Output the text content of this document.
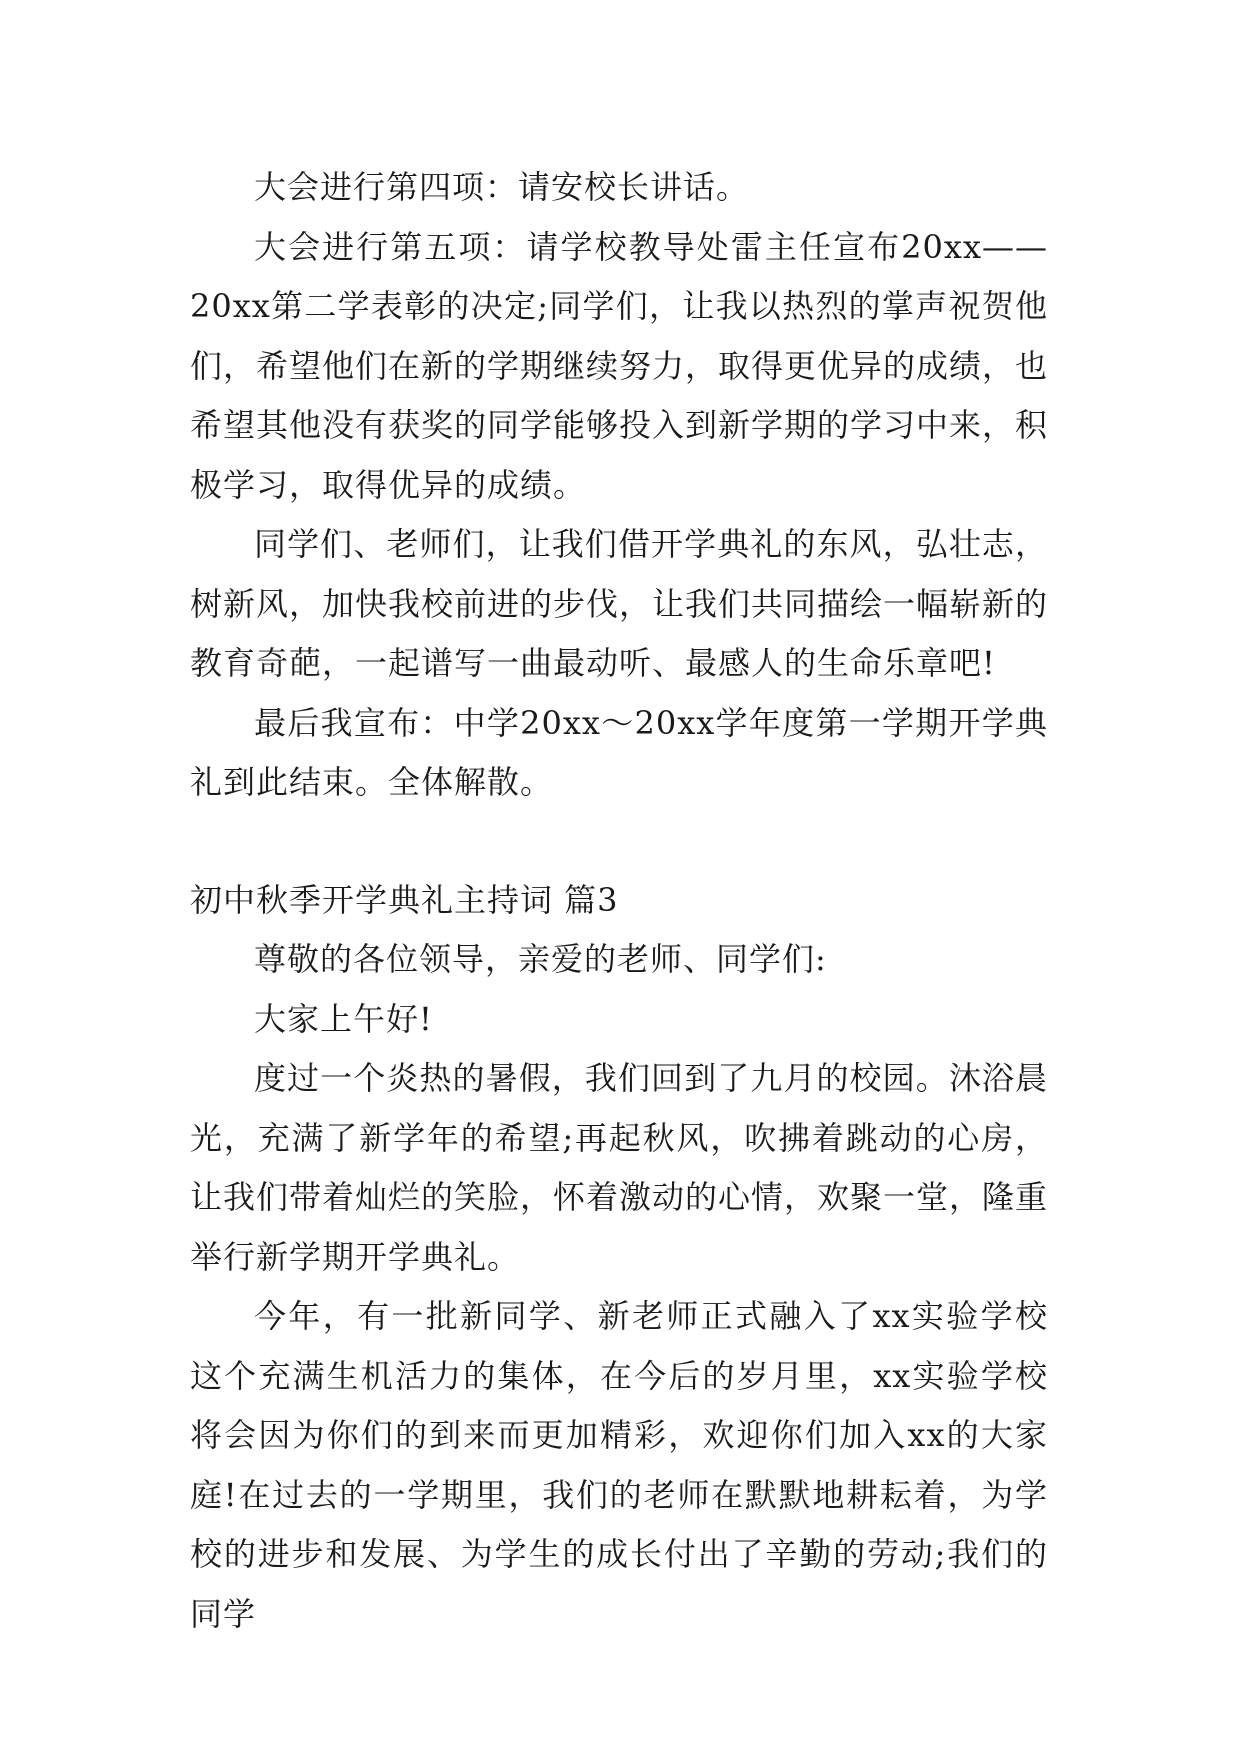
大会进行第四项：请安校长讲话。

大会进行第五项：请学校教导处雷主任宣布20xx——20xx第二学表彰的决定;同学们，让我以热烈的掌声祝贺他们，希望他们在新的学期继续努力，取得更优异的成绩，也希望其他没有获奖的同学能够投入到新学期的学习中来，积极学习，取得优异的成绩。

同学们、老师们，让我们借开学典礼的东风，弘壮志，树新风，加快我校前进的步伐，让我们共同描绘一幅崭新的教育奇葩，一起谱写一曲最动听、最感人的生命乐章吧!

最后我宣布：中学20xx～20xx学年度第一学期开学典礼到此结束。全体解散。

初中秋季开学典礼主持词 篇3

尊敬的各位领导，亲爱的老师、同学们:

大家上午好!

度过一个炎热的暑假，我们回到了九月的校园。沐浴晨光，充满了新学年的希望;再起秋风，吹拂着跳动的心房，让我们带着灿烂的笑脸，怀着激动的心情，欢聚一堂，隆重举行新学期开学典礼。

今年，有一批新同学、新老师正式融入了xx实验学校这个充满生机活力的集体，在今后的岁月里，xx实验学校将会因为你们的到来而更加精彩，欢迎你们加入xx的大家庭!在过去的一学期里，我们的老师在默默地耕耘着，为学校的进步和发展、为学生的成长付出了辛勤的劳动;我们的同学
